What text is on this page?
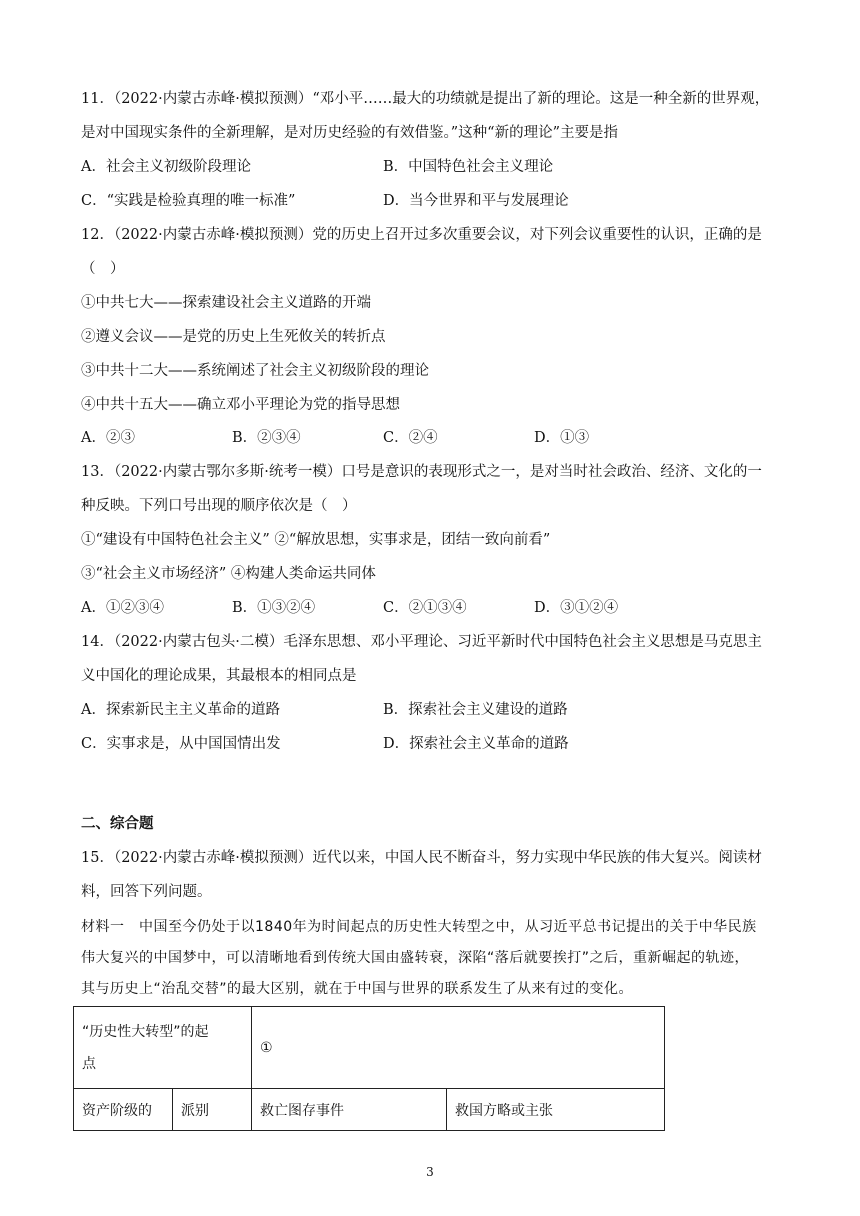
11．（2022·内蒙古赤峰·模拟预测）“邓小平……最大的功绩就是提出了新的理论。这是一种全新的世界观，
是对中国现实条件的全新理解，是对历史经验的有效借鉴。”这种“新的理论”主要是指
A．社会主义初级阶段理论	B．中国特色社会主义理论
C．“实践是检验真理的唯一标准”	D．当今世界和平与发展理论
12．（2022·内蒙古赤峰·模拟预测）党的历史上召开过多次重要会议，对下列会议重要性的认识，正确的是
（　）
①中共七大——探索建设社会主义道路的开端
②遵义会议——是党的历史上生死攸关的转折点
③中共十二大——系统阐述了社会主义初级阶段的理论
④中共十五大——确立邓小平理论为党的指导思想
A．②③	B．②③④	C．②④	D．①③
13．（2022·内蒙古鄂尔多斯·统考一模）口号是意识的表现形式之一，是对当时社会政治、经济、文化的一
种反映。下列口号出现的顺序依次是（　）
①“建设有中国特色社会主义” ②“解放思想，实事求是，团结一致向前看”
③“社会主义市场经济” ④构建人类命运共同体
A．①②③④	B．①③②④	C．②①③④	D．③①②④
14．（2022·内蒙古包头·二模）毛泽东思想、邓小平理论、习近平新时代中国特色社会主义思想是马克思主
义中国化的理论成果，其最根本的相同点是
A．探索新民主主义革命的道路	B．探索社会主义建设的道路
C．实事求是，从中国国情出发	D．探索社会主义革命的道路
二、综合题
15．（2022·内蒙古赤峰·模拟预测）近代以来，中国人民不断奋斗，努力实现中华民族的伟大复兴。阅读材
料，回答下列问题。
材料一　中国至今仍处于以1840年为时间起点的历史性大转型之中，从习近平总书记提出的关于中华民族
伟大复兴的中国梦中，可以清晰地看到传统大国由盛转衰，深陷“落后就要挨打”之后，重新崛起的轨迹，
其与历史上“治乱交替”的最大区别，就在于中国与世界的联系发生了从来有过的变化。
“历史性大转型”的起
点		①	
资产阶级的	派别	救亡图存事件	救国方略或主张
3
